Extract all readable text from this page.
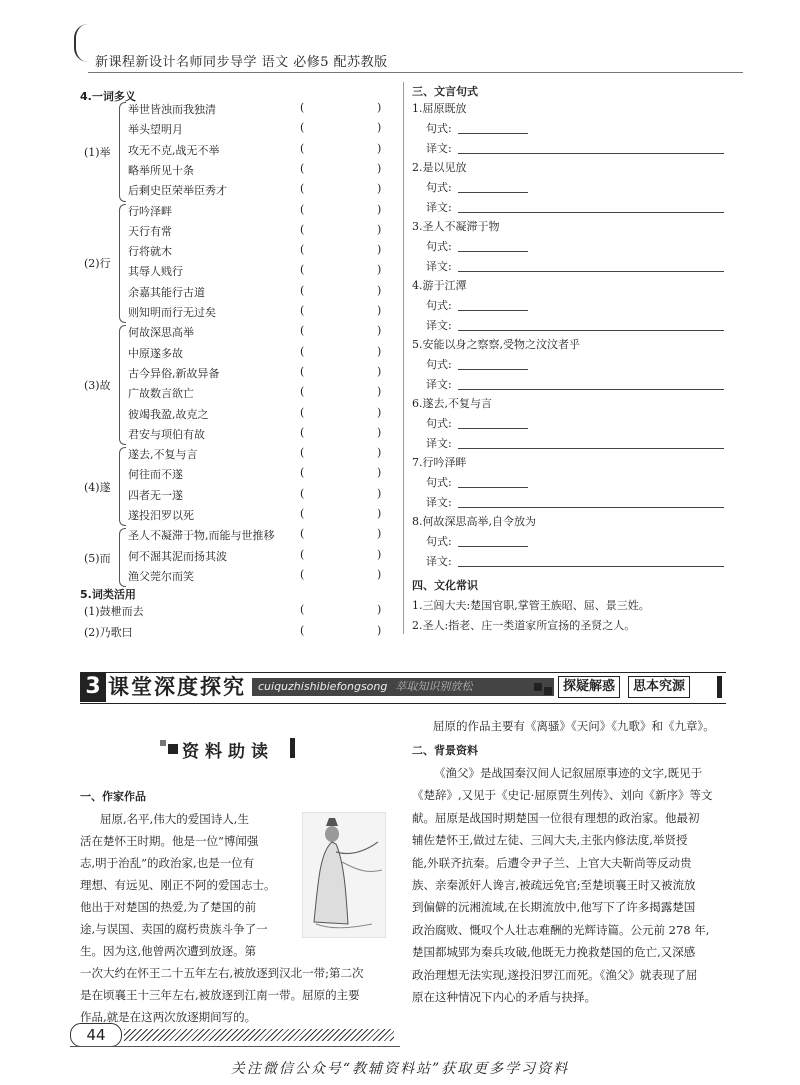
新课程新设计名师同步导学 语文 必修5 配苏教版
4.一词多义
5.词类活用
三、文言句式
四、文化常识
1.三闾大夫:楚国官职,掌管王族昭、屈、景三姓。
2.圣人:指老、庄一类道家所宣扬的圣贤之人。
3 课堂深度探究	cuiquzhishibiefongsong 萃取知识别放松	探疑解惑	思本究源
资料助读
一、作家作品
屈原的作品主要有《离骚》《天问》《九歌》和《九章》。
二、背景资料
44
关注微信公众号“教辅资料站”获取更多学习资料
(1)举
举世皆浊而我独清	(	)
举头望明月	(	)
攻无不克,战无不举	(	)
略举所见十条	(	)
后剩史臣荣举臣秀才	(	)
(2)行
行吟泽畔	(	)
天行有常	(	)
行将就木	(	)
其辱人贱行	(	)
余嘉其能行古道	(	)
则知明而行无过矣	(	)
(3)故
何故深思高举	(	)
中原遂多故	(	)
古今异俗,新故异备	(	)
广故数言欲亡	(	)
彼竭我盈,故克之	(	)
君安与项伯有故	(	)
(4)遂
遂去,不复与言	(	)
何往而不遂	(	)
四者无一遂	(	)
遂投汨罗以死	(	)
(5)而
圣人不凝滞于物,而能与世推移 (	)
何不淈其泥而扬其波	(	)
渔父莞尔而笑	(	)
(1)鼓枻而去	(	)
(2)乃歌曰	(	)
1.屈原既放
句式:
译文:
2.是以见放
句式:
译文:
3.圣人不凝滞于物
句式:
译文:
4.游于江潭
句式:
译文:
5.安能以身之察察,受物之汶汶者乎
句式:
译文:
6.遂去,不复与言
句式:
译文:
7.行吟泽畔
句式:
译文:
8.何故深思高举,自令放为
句式:
译文:
屈原,名平,伟大的爱国诗人,生
活在楚怀王时期。他是一位“博闻强
志,明于治乱”的政治家,也是一位有
理想、有远见、刚正不阿的爱国志士。
他出于对楚国的热爱,为了楚国的前
途,与误国、卖国的腐朽贵族斗争了一
生。因为这,他曾两次遭到放逐。第
一次大约在怀王二十五年左右,被放逐到汉北一带;第二次
是在顷襄王十三年左右,被放逐到江南一带。屈原的主要
作品,就是在这两次放逐期间写的。
《渔父》是战国秦汉间人记叙屈原事迹的文字,既见于
《楚辞》,又见于《史记·屈原贾生列传》、刘向《新序》等文
献。屈原是战国时期楚国一位很有理想的政治家。他最初
辅佐楚怀王,做过左徒、三闾大夫,主张内修法度,举贤授
能,外联齐抗秦。后遭令尹子兰、上官大夫靳尚等反动贵
族、亲秦派奸人谗言,被疏远免官;至楚顷襄王时又被流放
到偏僻的沅湘流域,在长期流放中,他写下了许多揭露楚国
政治腐败、慨叹个人壮志难酬的光辉诗篇。公元前 278 年,
楚国都城郢为秦兵攻破,他既无力挽救楚国的危亡,又深感
政治理想无法实现,遂投汨罗江而死。《渔父》就表现了屈
原在这种情况下内心的矛盾与抉择。
